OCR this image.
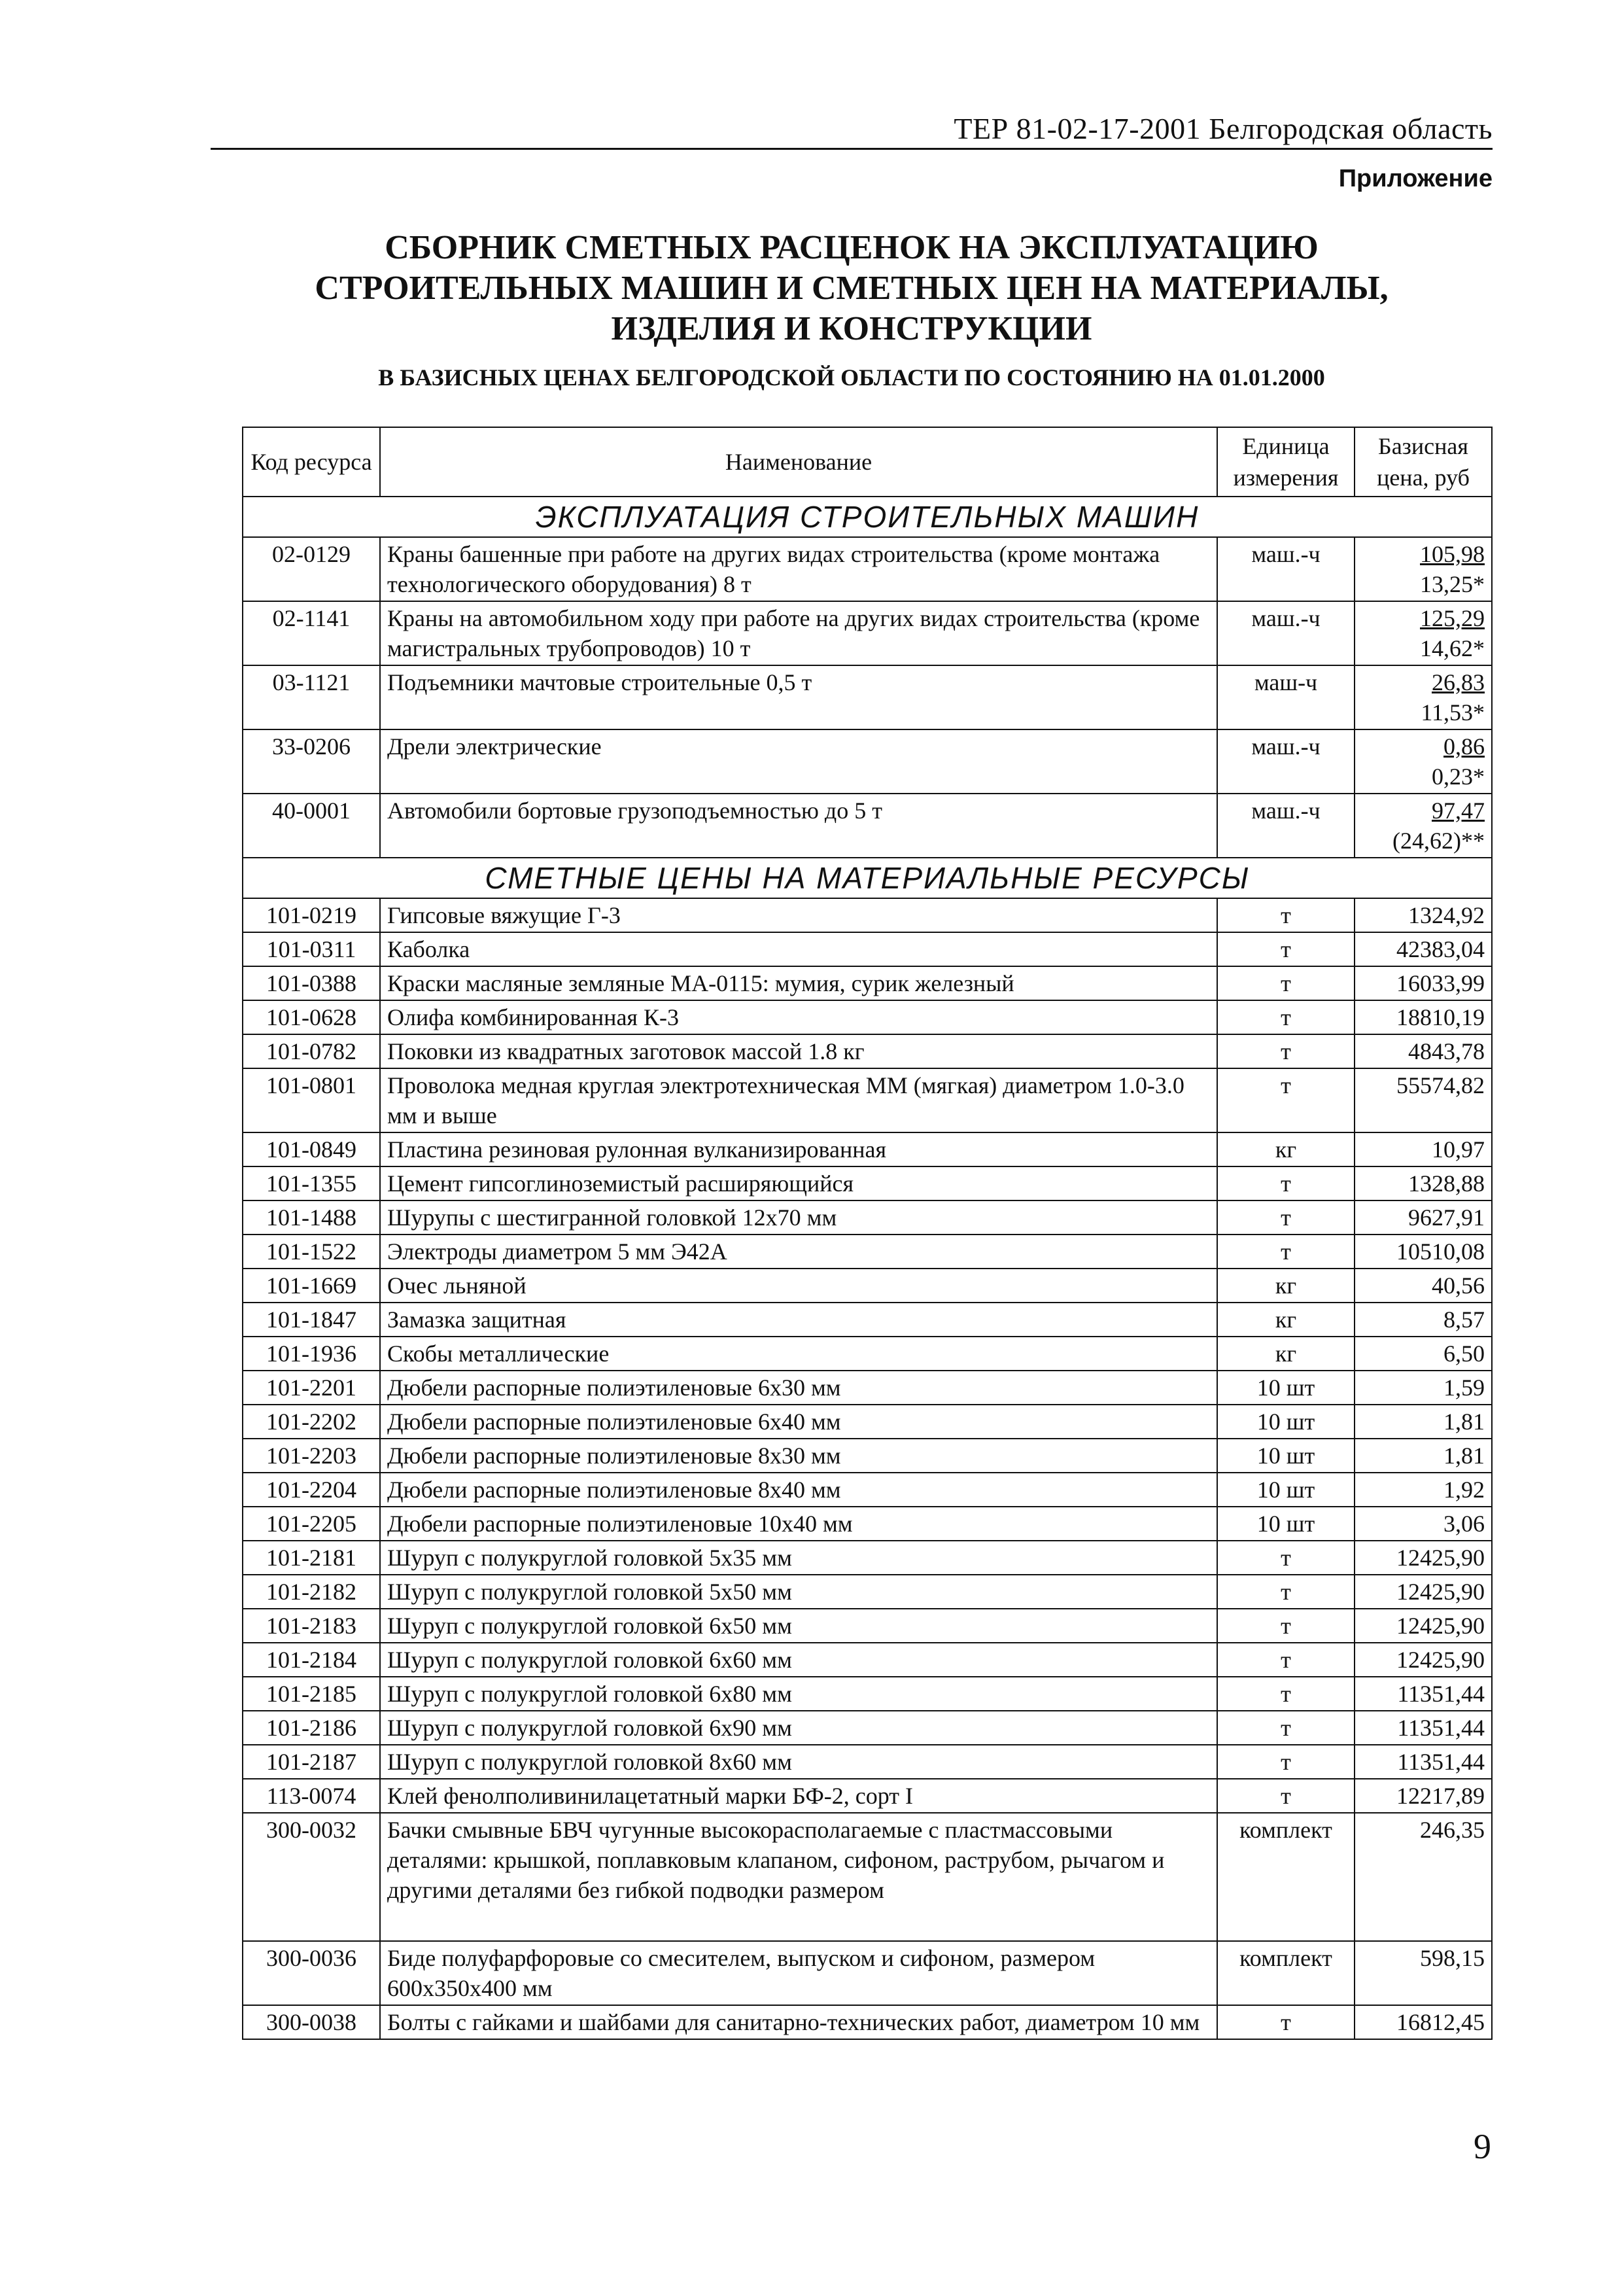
ТЕР 81-02-17-2001 Белгородская область
Приложение
СБОРНИК СМЕТНЫХ РАСЦЕНОК НА ЭКСПЛУАТАЦИЮ
СТРОИТЕЛЬНЫХ МАШИН И СМЕТНЫХ ЦЕН НА МАТЕРИАЛЫ,
ИЗДЕЛИЯ И КОНСТРУКЦИИ
В БАЗИСНЫХ ЦЕНАХ БЕЛГОРОДСКОЙ ОБЛАСТИ ПО СОСТОЯНИЮ НА 01.01.2000
Код ресурса	Наименование	Единица измерения	Базисная цена, руб
ЭКСПЛУАТАЦИЯ СТРОИТЕЛЬНЫХ МАШИН			
02-0129	Краны башенные при работе на других видах строительства (кроме монтажа технологического оборудования) 8 т	маш.-ч	105,98
13,25*

02-1141	Краны на автомобильном ходу при работе на других видах строительства (кроме магистральных трубопроводов) 10 т	маш.-ч	125,29
14,62*

03-1121	Подъемники мачтовые строительные 0,5 т	маш-ч	26,83
11,53*

33-0206	Дрели электрические	маш.-ч	0,86
0,23*

40-0001	Автомобили бортовые грузоподъемностью до 5 т	маш.-ч	97,47
(24,62)**

СМЕТНЫЕ ЦЕНЫ НА МАТЕРИАЛЬНЫЕ РЕСУРСЫ			
101-0219	Гипсовые вяжущие Г-3	т	1324,92
101-0311	Каболка	т	42383,04
101-0388	Краски масляные земляные МА-0115: мумия, сурик железный	т	16033,99
101-0628	Олифа комбинированная К-3	т	18810,19
101-0782	Поковки из квадратных заготовок массой 1.8 кг	т	4843,78
101-0801	Проволока медная круглая электротехническая ММ (мягкая) диаметром 1.0-3.0 мм и выше	т	55574,82
101-0849	Пластина резиновая рулонная вулканизированная	кг	10,97
101-1355	Цемент гипсоглиноземистый расширяющийся	т	1328,88
101-1488	Шурупы с шестигранной головкой 12х70 мм	т	9627,91
101-1522	Электроды диаметром 5 мм Э42А	т	10510,08
101-1669	Очес льняной	кг	40,56
101-1847	Замазка защитная	кг	8,57
101-1936	Скобы металлические	кг	6,50
101-2201	Дюбели распорные полиэтиленовые 6х30 мм	10 шт	1,59
101-2202	Дюбели распорные полиэтиленовые 6х40 мм	10 шт	1,81
101-2203	Дюбели распорные полиэтиленовые 8х30 мм	10 шт	1,81
101-2204	Дюбели распорные полиэтиленовые 8х40 мм	10 шт	1,92
101-2205	Дюбели распорные полиэтиленовые 10х40 мм	10 шт	3,06
101-2181	Шуруп с полукруглой головкой 5х35 мм	т	12425,90
101-2182	Шуруп с полукруглой головкой 5х50 мм	т	12425,90
101-2183	Шуруп с полукруглой головкой 6х50 мм	т	12425,90
101-2184	Шуруп с полукруглой головкой 6х60 мм	т	12425,90
101-2185	Шуруп с полукруглой головкой 6х80 мм	т	11351,44
101-2186	Шуруп с полукруглой головкой 6х90 мм	т	11351,44
101-2187	Шуруп с полукруглой головкой 8х60 мм	т	11351,44
113-0074	Клей фенолполивинилацетатный марки БФ-2, сорт I	т	12217,89
300-0032	Бачки смывные БВЧ чугунные высокорасполагаемые с пластмассовыми деталями: крышкой, поплавковым клапаном, сифоном, раструбом, рычагом и другими деталями без гибкой подводки размером	комплект	246,35
300-0036	Биде полуфарфоровые со смесителем, выпуском и сифоном, размером 600х350х400 мм	комплект	598,15
300-0038	Болты с гайками и шайбами для санитарно-технических работ, диаметром 10 мм	т	16812,45
9
